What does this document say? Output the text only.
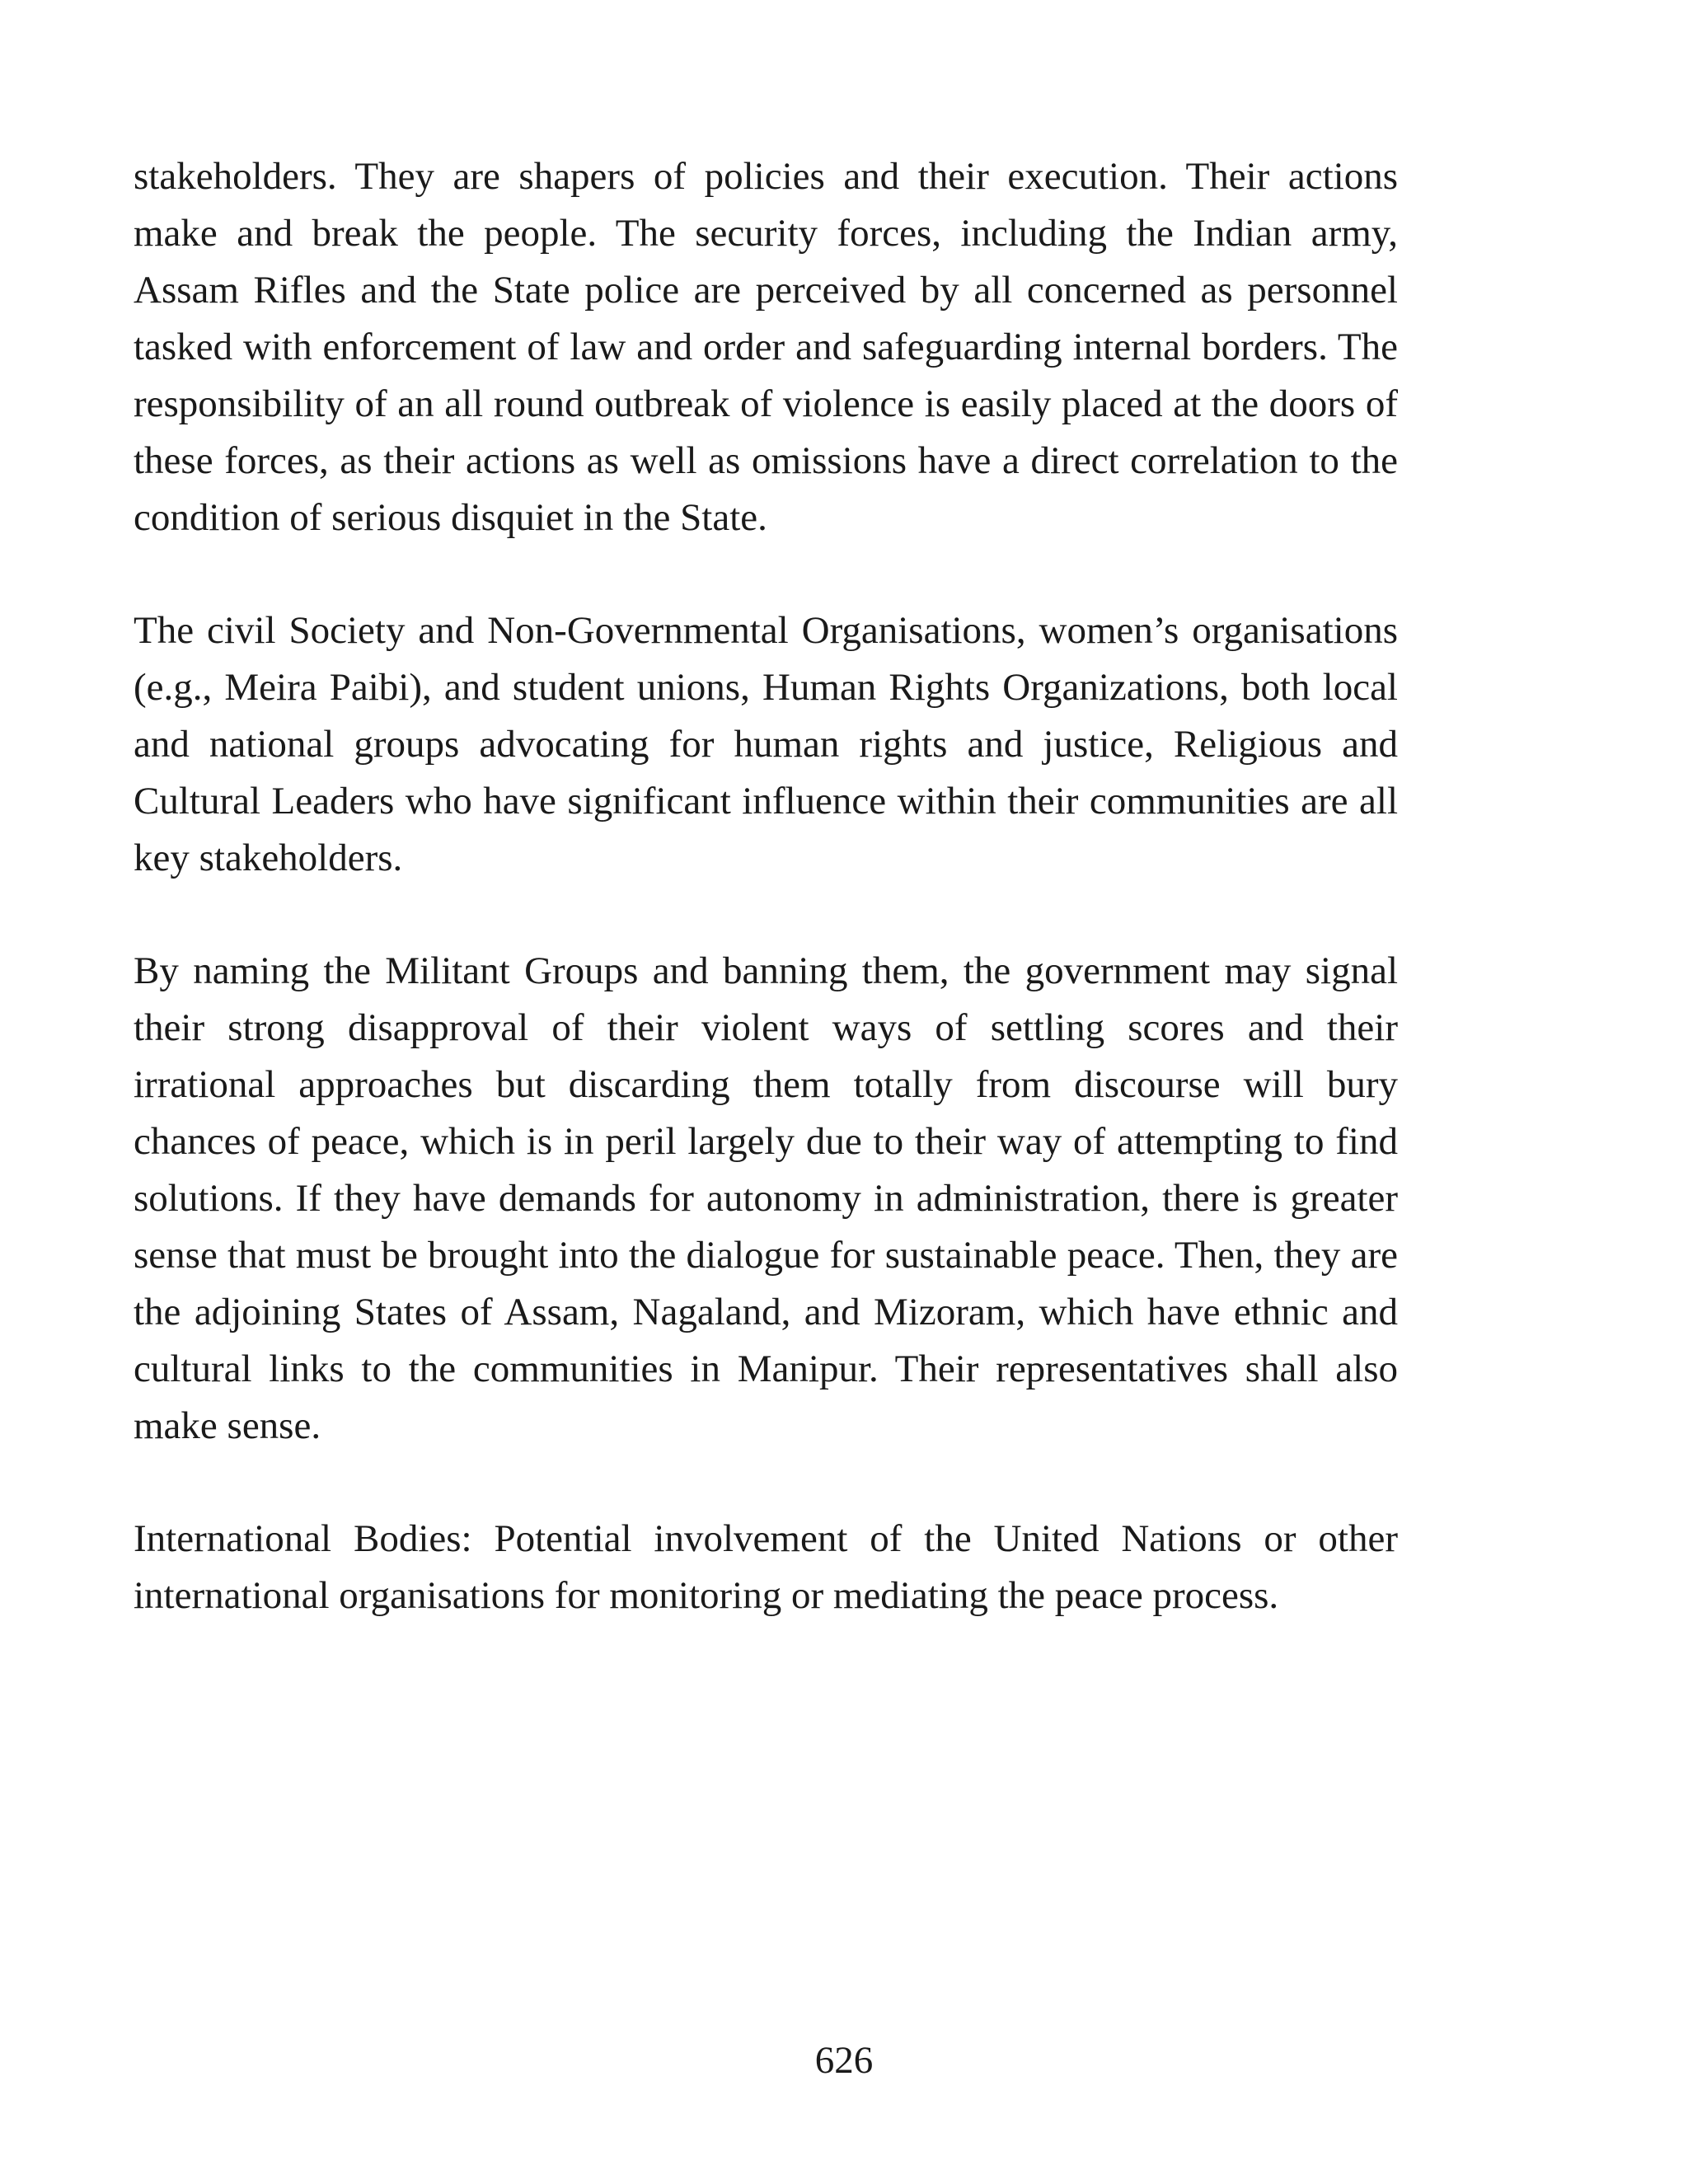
stakeholders. They are shapers of policies and their execution. Their actions make and break the people. The security forces, including the Indian army, Assam Rifles and the State police are perceived by all concerned as personnel tasked with enforcement of law and order and safeguarding internal borders. The responsibility of an all round outbreak of violence is easily placed at the doors of these forces, as their actions as well as omissions have a direct correlation to the condition of serious disquiet in the State.

The civil Society and Non-Governmental Organisations, women’s organisations (e.g., Meira Paibi), and student unions, Human Rights Organizations, both local and national groups advocating for human rights and justice, Religious and Cultural Leaders who have significant influence within their communities are all key stakeholders.

By naming the Militant Groups and banning them, the government may signal their strong disapproval of their violent ways of settling scores and their irrational approaches but discarding them totally from discourse will bury chances of peace, which is in peril largely due to their way of attempting to find solutions. If they have demands for autonomy in administration, there is greater sense that must be brought into the dialogue for sustainable peace. Then, they are the adjoining States of Assam, Nagaland, and Mizoram, which have ethnic and cultural links to the communities in Manipur. Their representatives shall also make sense.

International Bodies: Potential involvement of the United Nations or other international organisations for monitoring or mediating the peace process.

626
